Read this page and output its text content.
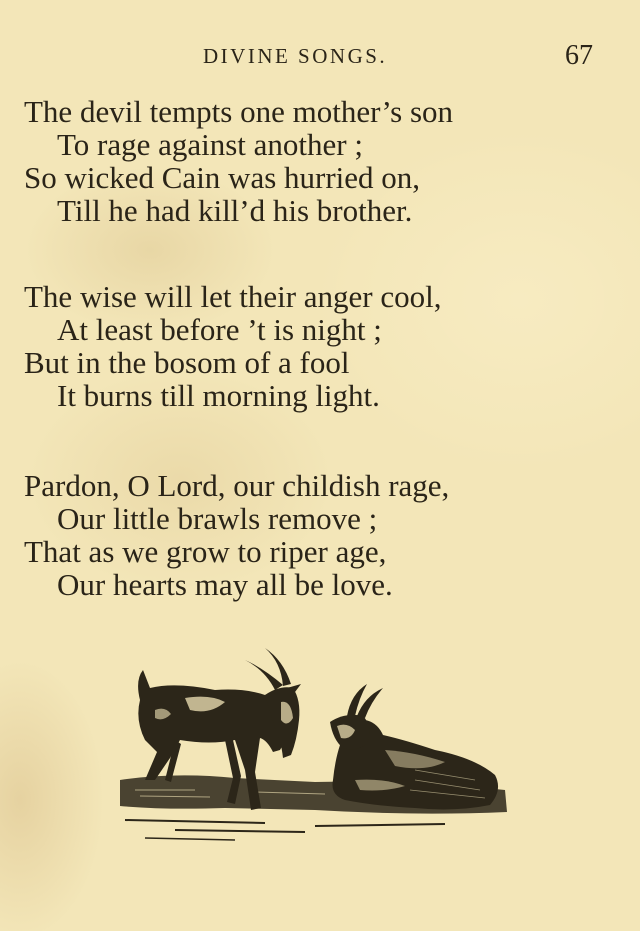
DIVINE SONGS.	67
The devil tempts one mother’s son
To rage against another ;
So wicked Cain was hurried on,
Till he had kill’d his brother.
The wise will let their anger cool,
At least before ’t is night ;
But in the bosom of a fool
It burns till morning light.
Pardon, O Lord, our childish rage,
Our little brawls remove ;
That as we grow to riper age,
Our hearts may all be love.
